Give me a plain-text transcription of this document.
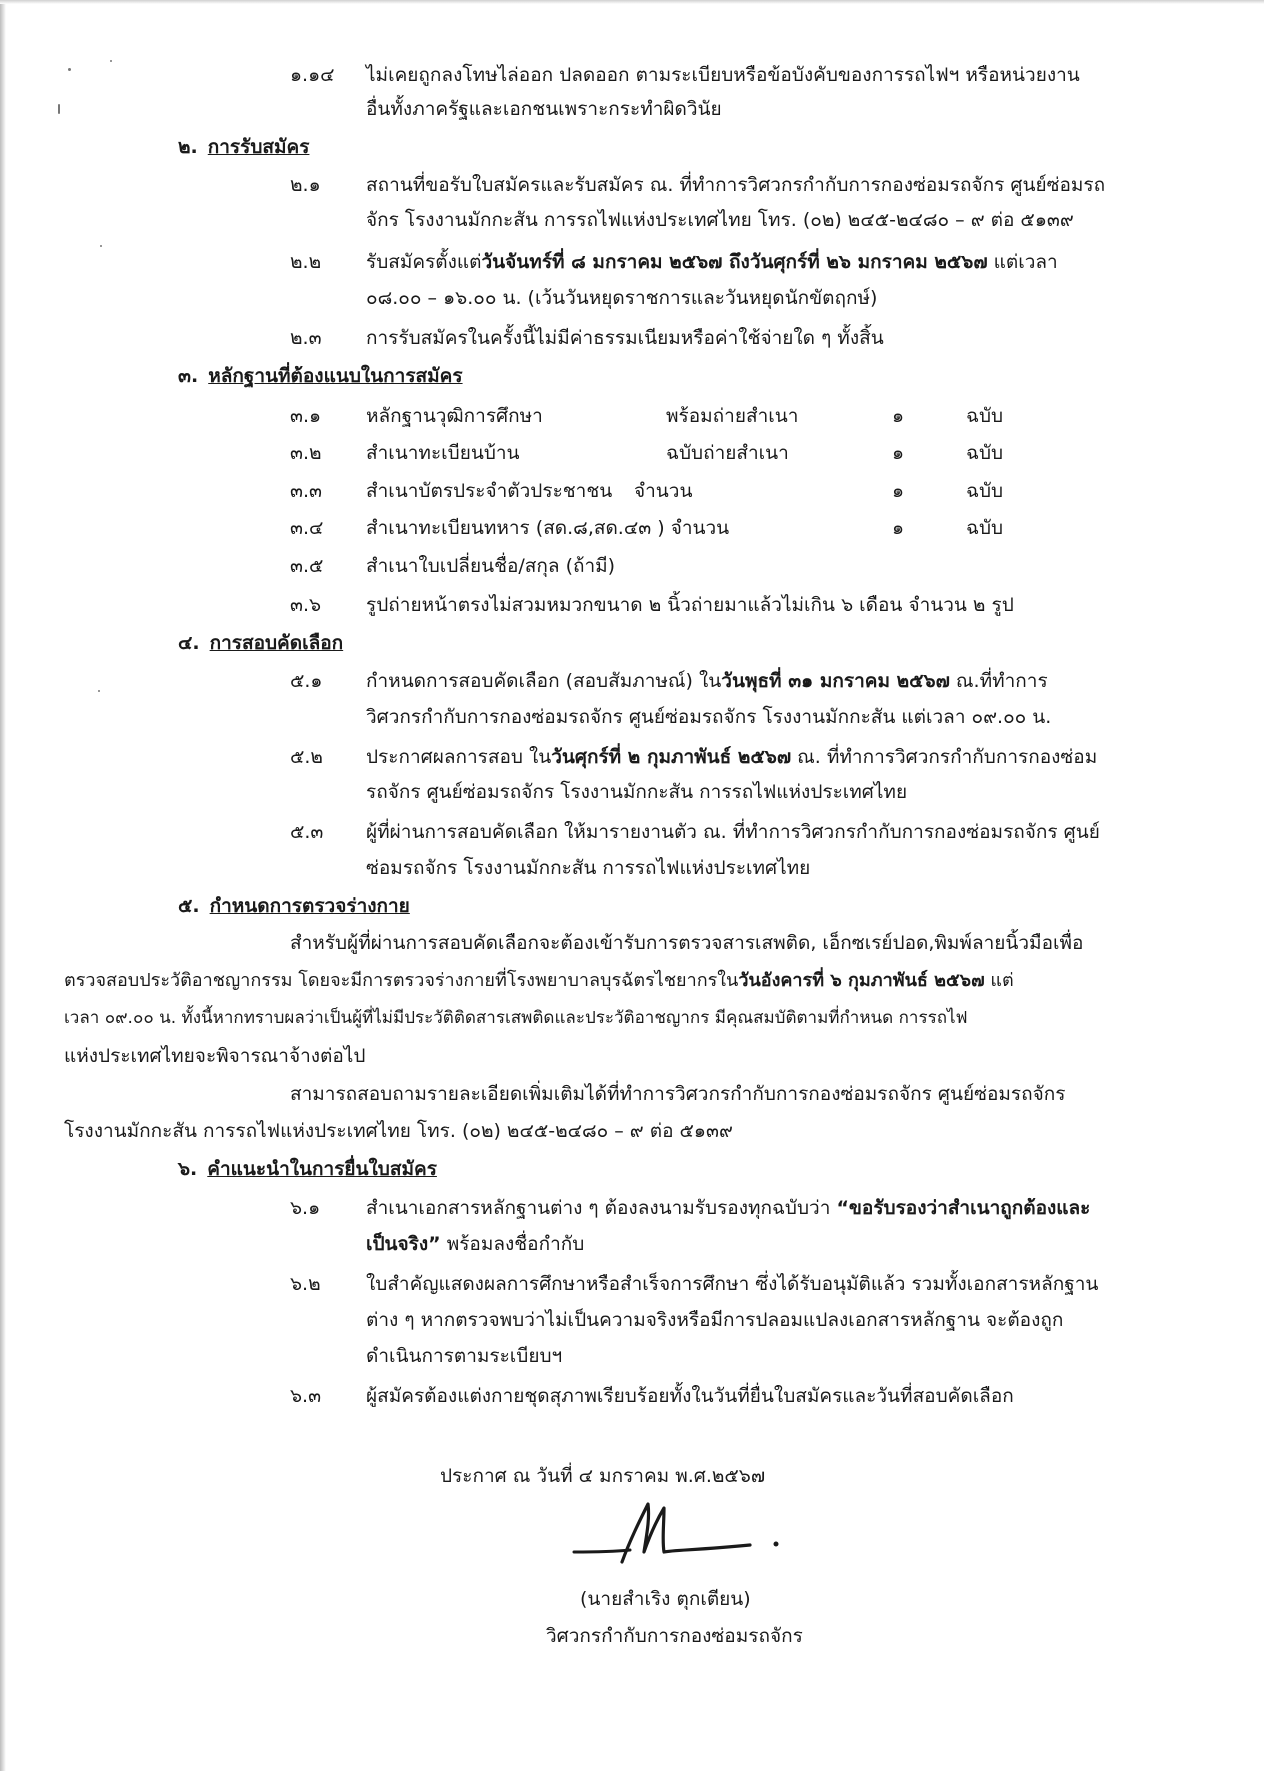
๑.๑๔ ไม่เคยถูกลงโทษไล่ออก ปลดออก ตามระเบียบหรือข้อบังคับของการรถไฟฯ หรือหน่วยงาน
อื่นทั้งภาครัฐและเอกชนเพราะกระทำผิดวินัย
๒. การรับสมัคร
๒.๑ สถานที่ขอรับใบสมัครและรับสมัคร ณ. ที่ทำการวิศวกรกำกับการกองซ่อมรถจักร ศูนย์ซ่อมรถ
จักร โรงงานมักกะสัน การรถไฟแห่งประเทศไทย โทร. (๐๒) ๒๔๕-๒๔๘๐ – ๙ ต่อ ๕๑๓๙
๒.๒ รับสมัครตั้งแต่วันจันทร์ที่ ๘ มกราคม ๒๕๖๗ ถึงวันศุกร์ที่ ๒๖ มกราคม ๒๕๖๗ แต่เวลา
๐๘.๐๐ – ๑๖.๐๐ น. (เว้นวันหยุดราชการและวันหยุดนักขัตฤกษ์)
๒.๓ การรับสมัครในครั้งนี้ไม่มีค่าธรรมเนียมหรือค่าใช้จ่ายใด ๆ ทั้งสิ้น
๓. หลักฐานที่ต้องแนบในการสมัคร
๓.๑ หลักฐานวุฒิการศึกษา	พร้อมถ่ายสำเนา	๑	ฉบับ
๓.๒ สำเนาทะเบียนบ้าน	ฉบับถ่ายสำเนา	๑	ฉบับ
๓.๓ สำเนาบัตรประจำตัวประชาชน จำนวน	๑	ฉบับ
๓.๔ สำเนาทะเบียนทหาร (สด.๘,สด.๔๓ ) จำนวน	๑	ฉบับ
๓.๕ สำเนาใบเปลี่ยนชื่อ/สกุล (ถ้ามี)
๓.๖ รูปถ่ายหน้าตรงไม่สวมหมวกขนาด ๒ นิ้วถ่ายมาแล้วไม่เกิน ๖ เดือน จำนวน ๒ รูป
๔. การสอบคัดเลือก
๕.๑ กำหนดการสอบคัดเลือก (สอบสัมภาษณ์) ในวันพุธที่ ๓๑ มกราคม ๒๕๖๗ ณ.ที่ทำการ
วิศวกรกำกับการกองซ่อมรถจักร ศูนย์ซ่อมรถจักร โรงงานมักกะสัน แต่เวลา ๐๙.๐๐ น.
๕.๒ ประกาศผลการสอบ ในวันศุกร์ที่ ๒ กุมภาพันธ์ ๒๕๖๗ ณ. ที่ทำการวิศวกรกำกับการกองซ่อม
รถจักร ศูนย์ซ่อมรถจักร โรงงานมักกะสัน การรถไฟแห่งประเทศไทย
๕.๓ ผู้ที่ผ่านการสอบคัดเลือก ให้มารายงานตัว ณ. ที่ทำการวิศวกรกำกับการกองซ่อมรถจักร ศูนย์
ซ่อมรถจักร โรงงานมักกะสัน การรถไฟแห่งประเทศไทย
๕. กำหนดการตรวจร่างกาย
สำหรับผู้ที่ผ่านการสอบคัดเลือกจะต้องเข้ารับการตรวจสารเสพติด, เอ็กซเรย์ปอด,พิมพ์ลายนิ้วมือเพื่อ
ตรวจสอบประวัติอาชญากรรม โดยจะมีการตรวจร่างกายที่โรงพยาบาลบุรฉัตรไชยากรในวันอังคารที่ ๖ กุมภาพันธ์ ๒๕๖๗ แต่
เวลา ๐๙.๐๐ น. ทั้งนี้หากทราบผลว่าเป็นผู้ที่ไม่มีประวัติติดสารเสพติดและประวัติอาชญากร มีคุณสมบัติตามที่กำหนด การรถไฟ
แห่งประเทศไทยจะพิจารณาจ้างต่อไป
สามารถสอบถามรายละเอียดเพิ่มเติมได้ที่ทำการวิศวกรกำกับการกองซ่อมรถจักร ศูนย์ซ่อมรถจักร
โรงงานมักกะสัน การรถไฟแห่งประเทศไทย โทร. (๐๒) ๒๔๕-๒๔๘๐ – ๙ ต่อ ๕๑๓๙
๖. คำแนะนำในการยื่นใบสมัคร
๖.๑ สำเนาเอกสารหลักฐานต่าง ๆ ต้องลงนามรับรองทุกฉบับว่า “ขอรับรองว่าสำเนาถูกต้องและ
เป็นจริง” พร้อมลงชื่อกำกับ
๖.๒ ใบสำคัญแสดงผลการศึกษาหรือสำเร็จการศึกษา ซึ่งได้รับอนุมัติแล้ว รวมทั้งเอกสารหลักฐาน
ต่าง ๆ หากตรวจพบว่าไม่เป็นความจริงหรือมีการปลอมแปลงเอกสารหลักฐาน จะต้องถูก
ดำเนินการตามระเบียบฯ
๖.๓ ผู้สมัครต้องแต่งกายชุดสุภาพเรียบร้อยทั้งในวันที่ยื่นใบสมัครและวันที่สอบคัดเลือก
ประกาศ ณ วันที่ ๔ มกราคม พ.ศ.๒๕๖๗
(นายสำเริง ตุกเตียน)
วิศวกรกำกับการกองซ่อมรถจักร
